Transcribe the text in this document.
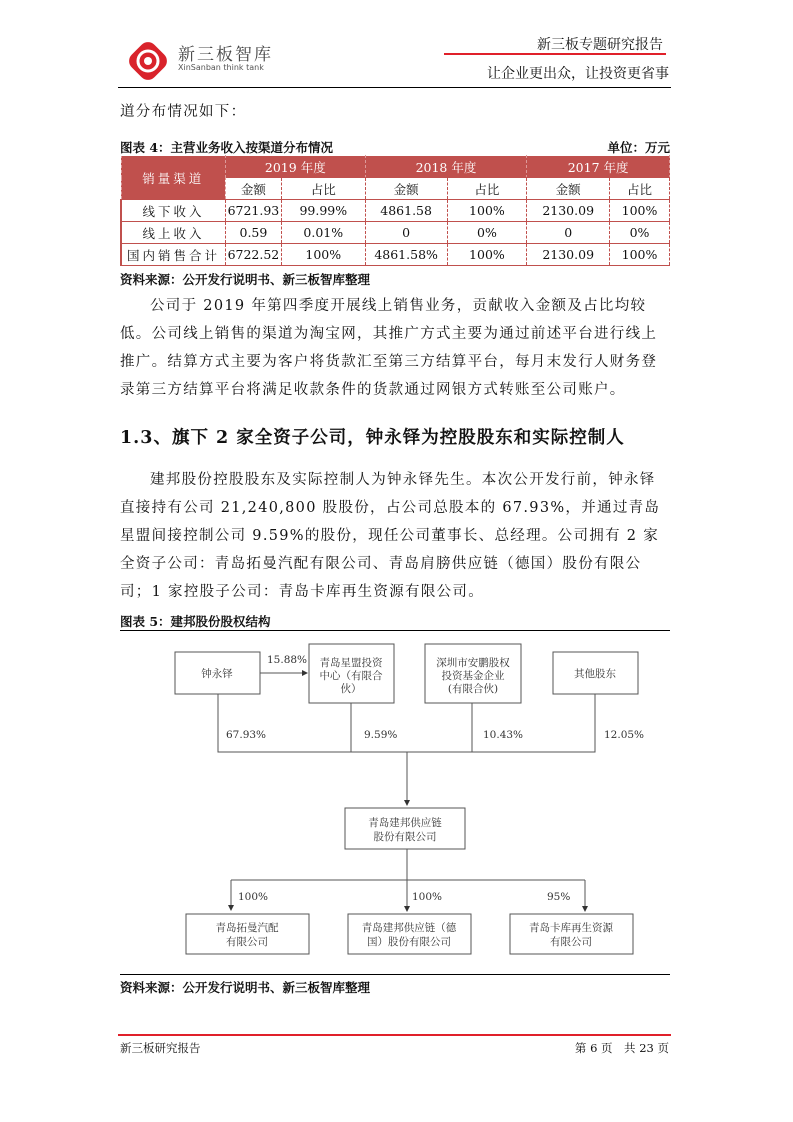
新三板智库
XinSanban think tank
新三板专题研究报告
让企业更出众，让投资更省事
道分布情况如下：
图表 4：主营业务收入按渠道分布情况	单位：万元
销量渠道	2019 年度		2018 年度		2017 年度	
	金额	占比	金额	占比	金额	占比
线下收入	6721.93	99.99%	4861.58	100%	2130.09	100%
线上收入	0.59	0.01%	0	0%	0	0%
国内销售合计	6722.52	100%	4861.58%	100%	2130.09	100%
资料来源：公开发行说明书、新三板智库整理
公司于 2019 年第四季度开展线上销售业务，贡献收入金额及占比均较低。公司线上销售的渠道为淘宝网，其推广方式主要为通过前述平台进行线上推广。结算方式主要为客户将货款汇至第三方结算平台，每月末发行人财务登录第三方结算平台将满足收款条件的货款通过网银方式转账至公司账户。
1.3、旗下 2 家全资子公司，钟永铎为控股股东和实际控制人
建邦股份控股股东及实际控制人为钟永铎先生。本次公开发行前，钟永铎直接持有公司 21,240,800 股股份，占公司总股本的 67.93%，并通过青岛星盟间接控制公司 9.59%的股份，现任公司董事长、总经理。公司拥有 2 家全资子公司：青岛拓曼汽配有限公司、青岛肩膀供应链（德国）股份有限公司；1 家控股子公司：青岛卡库再生资源有限公司。
图表 5：建邦股份股权结构
钟永铎
青岛星盟投资
中心（有限合
伙）
深圳市安鹏股权
投资基金企业
(有限合伙)
其他股东
青岛建邦供应链
股份有限公司
青岛拓曼汽配
有限公司
青岛建邦供应链（德
国）股份有限公司
青岛卡库再生资源
有限公司
15.88%
67.93%	9.59%	10.43%	12.05%
100%	100%	95%
资料来源：公开发行说明书、新三板智库整理
新三板研究报告	第 6 页　共 23 页
